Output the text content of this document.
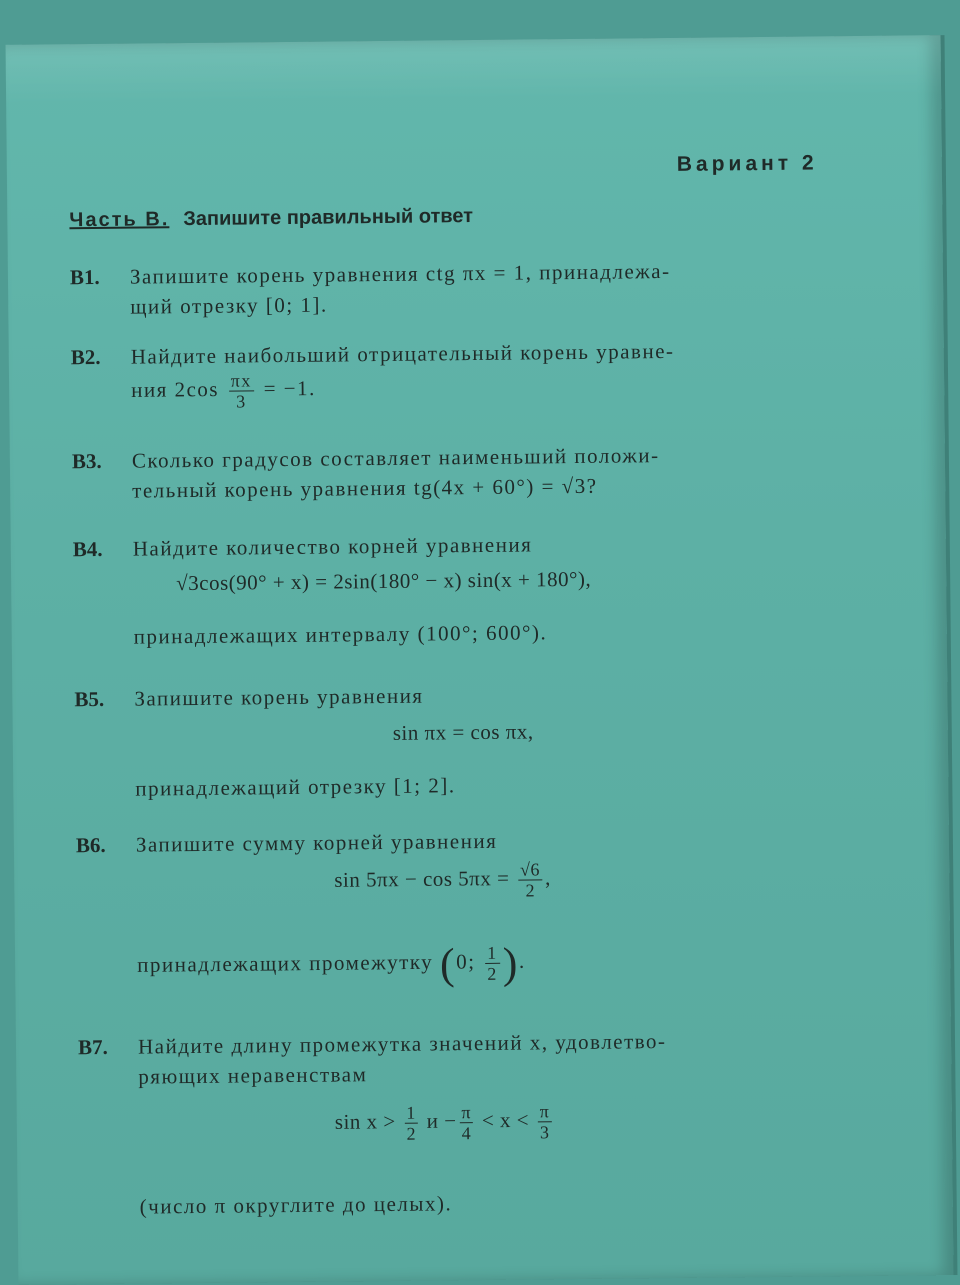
Вариант 2
Часть В. Запишите правильный ответ
В1. Запишите корень уравнения ctg πx = 1, принадлежа-
щий отрезку [0; 1].
В2. Найдите наибольший отрицательный корень уравне-
ния $2\cos \frac{\pi x}{3} = -1$.
В3. Сколько градусов составляет наименьший положи-
тельный корень уравнения tg(4x + 60°) = √3?
В4. Найдите количество корней уравнения
√3cos(90° + x) = 2sin(180° − x) sin(x + 180°),
принадлежащих интервалу (100°; 600°).
В5. Запишите корень уравнения
sin πx = cos πx,
принадлежащий отрезку [1; 2].
В6. Запишите сумму корней уравнения
$\sin 5\pi x - \cos 5\pi x = \frac{√6}{2}$ ,
принадлежащих промежутку (0; $\frac{1}{2}$ ).
В7. Найдите длину промежутка значений x, удовлетво-
ряющих неравенствам
$\sin x > \frac{1}{2}$ $и - \frac{\pi}{4} < x < \frac{\pi}{3}$
(число π округлите до целых).
